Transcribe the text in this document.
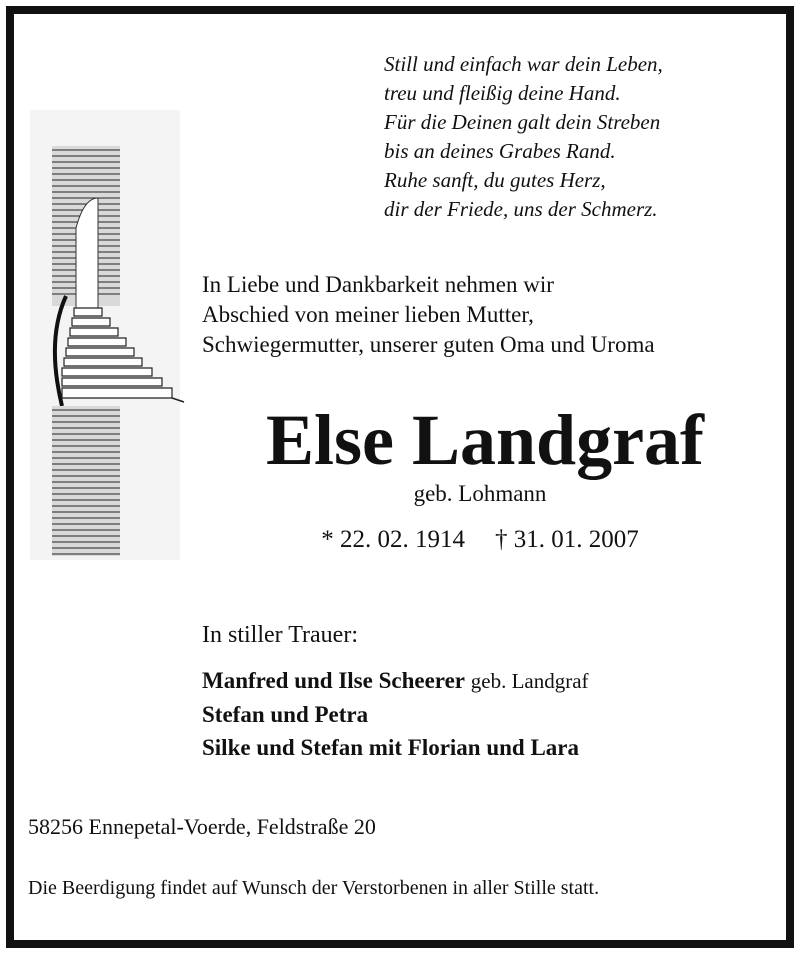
Still und einfach war dein Leben,
treu und fleißig deine Hand.
Für die Deinen galt dein Streben
bis an deines Grabes Rand.
Ruhe sanft, du gutes Herz,
dir der Friede, uns der Schmerz.
In Liebe und Dankbarkeit nehmen wir
Abschied von meiner lieben Mutter,
Schwiegermutter, unserer guten Oma und Uroma
Else Landgraf
geb. Lohmann
* 22. 02. 1914 † 31. 01. 2007
In stiller Trauer:
Manfred und Ilse Scheerer geb. Landgraf
Stefan und Petra
Silke und Stefan mit Florian und Lara
58256 Ennepetal-Voerde, Feldstraße 20
Die Beerdigung findet auf Wunsch der Verstorbenen in aller Stille statt.
